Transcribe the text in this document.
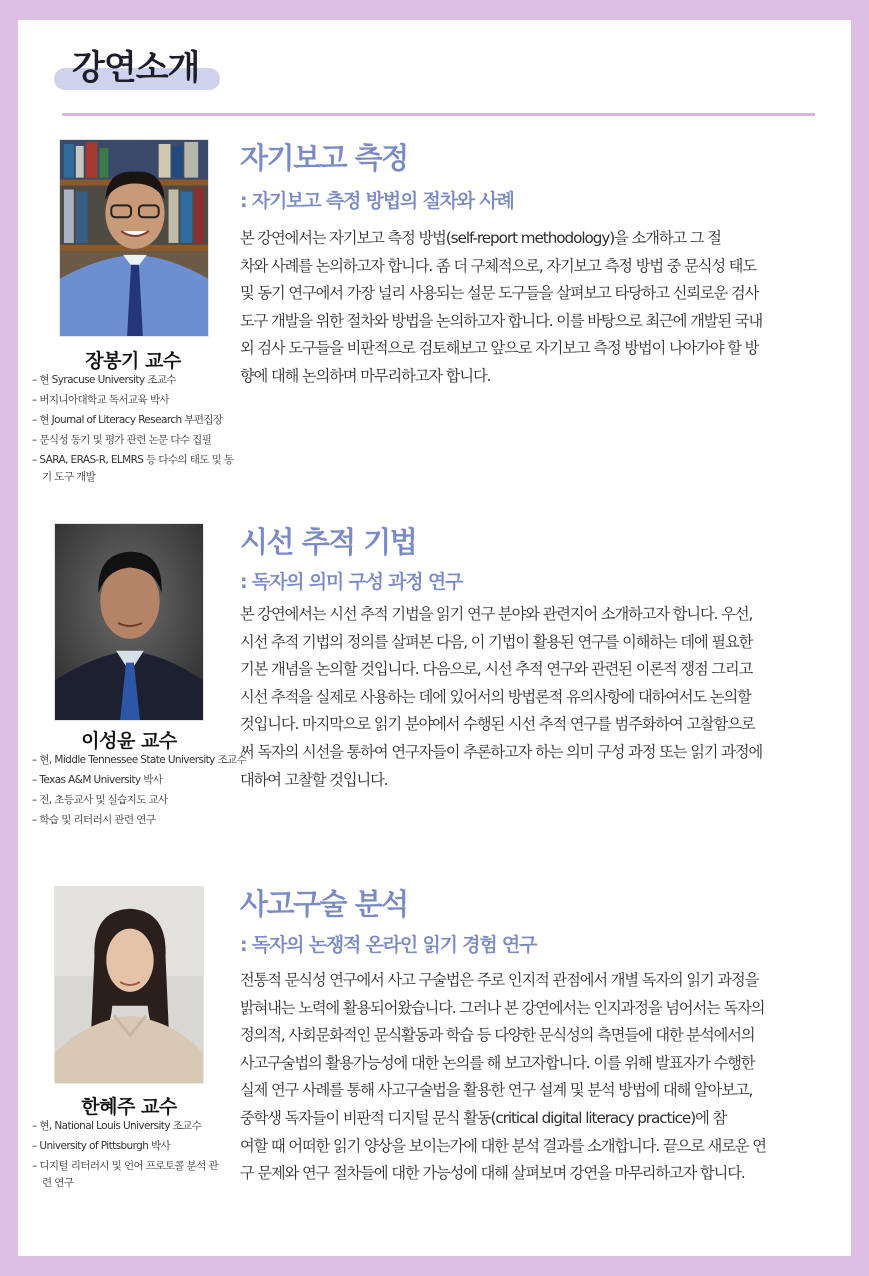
강연소개
장봉기 교수
– 현 Syracuse University 조교수
– 버지니아대학교 독서교육 박사
– 현 Journal of Literacy Research 부편집장
– 문식성 동기 및 평가 관련 논문 다수 집필
– SARA, ERAS-R, ELMRS 등 다수의 태도 및 동기 도구 개발
자기보고 측정
: 자기보고 측정 방법의 절차와 사례
본 강연에서는 자기보고 측정 방법(self-report methodology)을 소개하고 그 절
차와 사례를 논의하고자 합니다. 좀 더 구체적으로, 자기보고 측정 방법 중 문식성 태도
및 동기 연구에서 가장 널리 사용되는 설문 도구들을 살펴보고 타당하고 신뢰로운 검사
도구 개발을 위한 절차와 방법을 논의하고자 합니다. 이를 바탕으로 최근에 개발된 국내
외 검사 도구들을 비판적으로 검토해보고 앞으로 자기보고 측정 방법이 나아가야 할 방
향에 대해 논의하며 마무리하고자 합니다.
이성윤 교수
– 현, Middle Tennessee State University 조교수
– Texas A&M University 박사
– 전, 초등교사 및 실습지도 교사
– 학습 및 리터러시 관련 연구
시선 추적 기법
: 독자의 의미 구성 과정 연구
본 강연에서는 시선 추적 기법을 읽기 연구 분야와 관련지어 소개하고자 합니다. 우선,
시선 추적 기법의 정의를 살펴본 다음, 이 기법이 활용된 연구를 이해하는 데에 필요한
기본 개념을 논의할 것입니다. 다음으로, 시선 추적 연구와 관련된 이론적 쟁점 그리고
시선 추적을 실제로 사용하는 데에 있어서의 방법론적 유의사항에 대하여서도 논의할
것입니다. 마지막으로 읽기 분야에서 수행된 시선 추적 연구를 범주화하여 고찰함으로
써 독자의 시선을 통하여 연구자들이 추론하고자 하는 의미 구성 과정 또는 읽기 과정에
대하여 고찰할 것입니다.
한혜주 교수
– 현, National Louis University 조교수
– University of Pittsburgh 박사
– 디지털 리터러시 및 언어 프로토콜 분석 관련 연구
사고구술 분석
: 독자의 논쟁적 온라인 읽기 경험 연구
전통적 문식성 연구에서 사고 구술법은 주로 인지적 관점에서 개별 독자의 읽기 과정을
밝혀내는 노력에 활용되어왔습니다. 그러나 본 강연에서는 인지과정을 넘어서는 독자의
정의적, 사회문화적인 문식활동과 학습 등 다양한 문식성의 측면들에 대한 분석에서의
사고구술법의 활용가능성에 대한 논의를 해 보고자합니다. 이를 위해 발표자가 수행한
실제 연구 사례를 통해 사고구술법을 활용한 연구 설계 및 분석 방법에 대해 알아보고,
중학생 독자들이 비판적 디지털 문식 활동(critical digital literacy practice)에 참
여할 때 어떠한 읽기 양상을 보이는가에 대한 분석 결과를 소개합니다. 끝으로 새로운 연
구 문제와 연구 절차들에 대한 가능성에 대해 살펴보며 강연을 마무리하고자 합니다.
